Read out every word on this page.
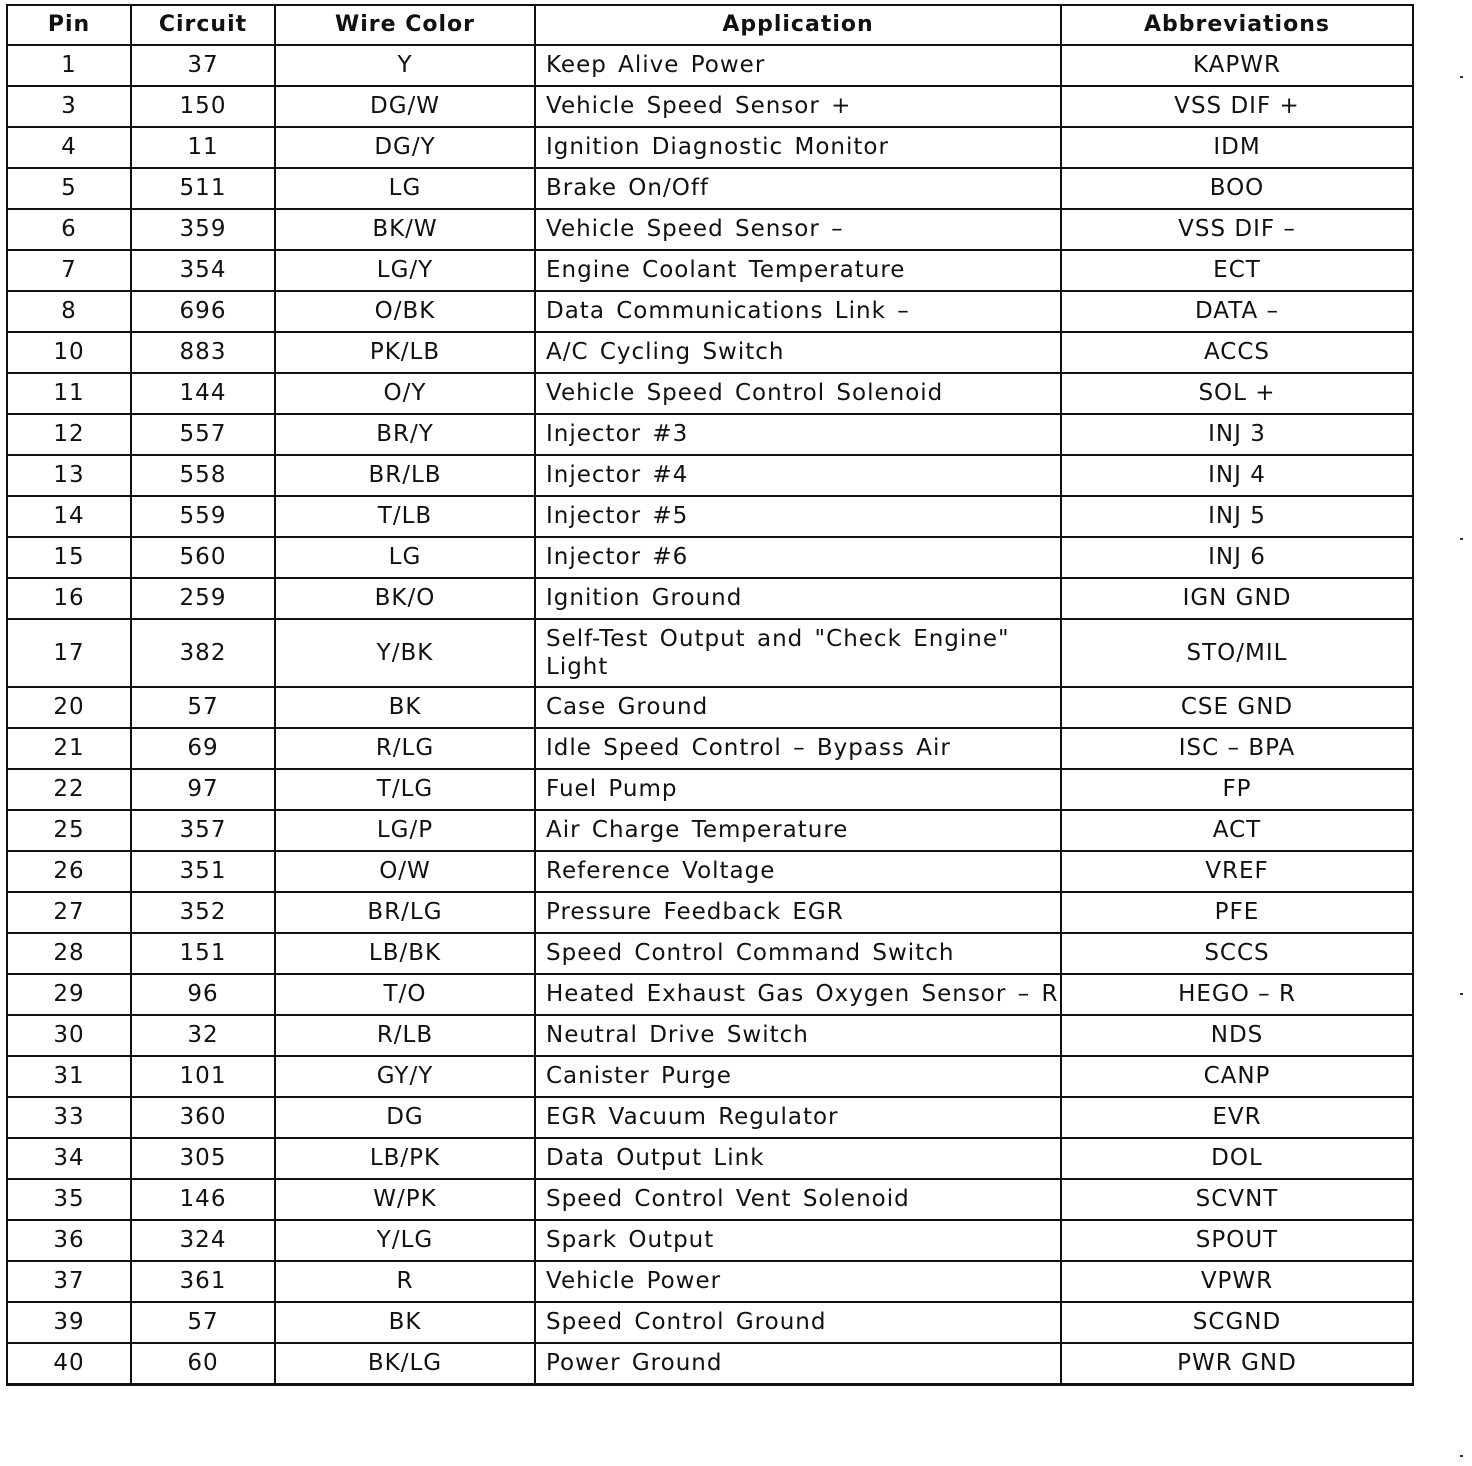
Pin	Circuit	Wire Color	Application	Abbreviations
1	37	Y	Keep Alive Power	KAPWR
3	150	DG/W	Vehicle Speed Sensor +	VSS DIF +
4	11	DG/Y	Ignition Diagnostic Monitor	IDM
5	511	LG	Brake On/Off	BOO
6	359	BK/W	Vehicle Speed Sensor –	VSS DIF –
7	354	LG/Y	Engine Coolant Temperature	ECT
8	696	O/BK	Data Communications Link –	DATA –
10	883	PK/LB	A/C Cycling Switch	ACCS
11	144	O/Y	Vehicle Speed Control Solenoid	SOL +
12	557	BR/Y	Injector #3	INJ 3
13	558	BR/LB	Injector #4	INJ 4
14	559	T/LB	Injector #5	INJ 5
15	560	LG	Injector #6	INJ 6
16	259	BK/O	Ignition Ground	IGN GND
17	382	Y/BK	Self-Test Output and "Check Engine" Light	STO/MIL
20	57	BK	Case Ground	CSE GND
21	69	R/LG	Idle Speed Control – Bypass Air	ISC – BPA
22	97	T/LG	Fuel Pump	FP
25	357	LG/P	Air Charge Temperature	ACT
26	351	O/W	Reference Voltage	VREF
27	352	BR/LG	Pressure Feedback EGR	PFE
28	151	LB/BK	Speed Control Command Switch	SCCS
29	96	T/O	Heated Exhaust Gas Oxygen Sensor – R	HEGO – R
30	32	R/LB	Neutral Drive Switch	NDS
31	101	GY/Y	Canister Purge	CANP
33	360	DG	EGR Vacuum Regulator	EVR
34	305	LB/PK	Data Output Link	DOL
35	146	W/PK	Speed Control Vent Solenoid	SCVNT
36	324	Y/LG	Spark Output	SPOUT
37	361	R	Vehicle Power	VPWR
39	57	BK	Speed Control Ground	SCGND
40	60	BK/LG	Power Ground	PWR GND
